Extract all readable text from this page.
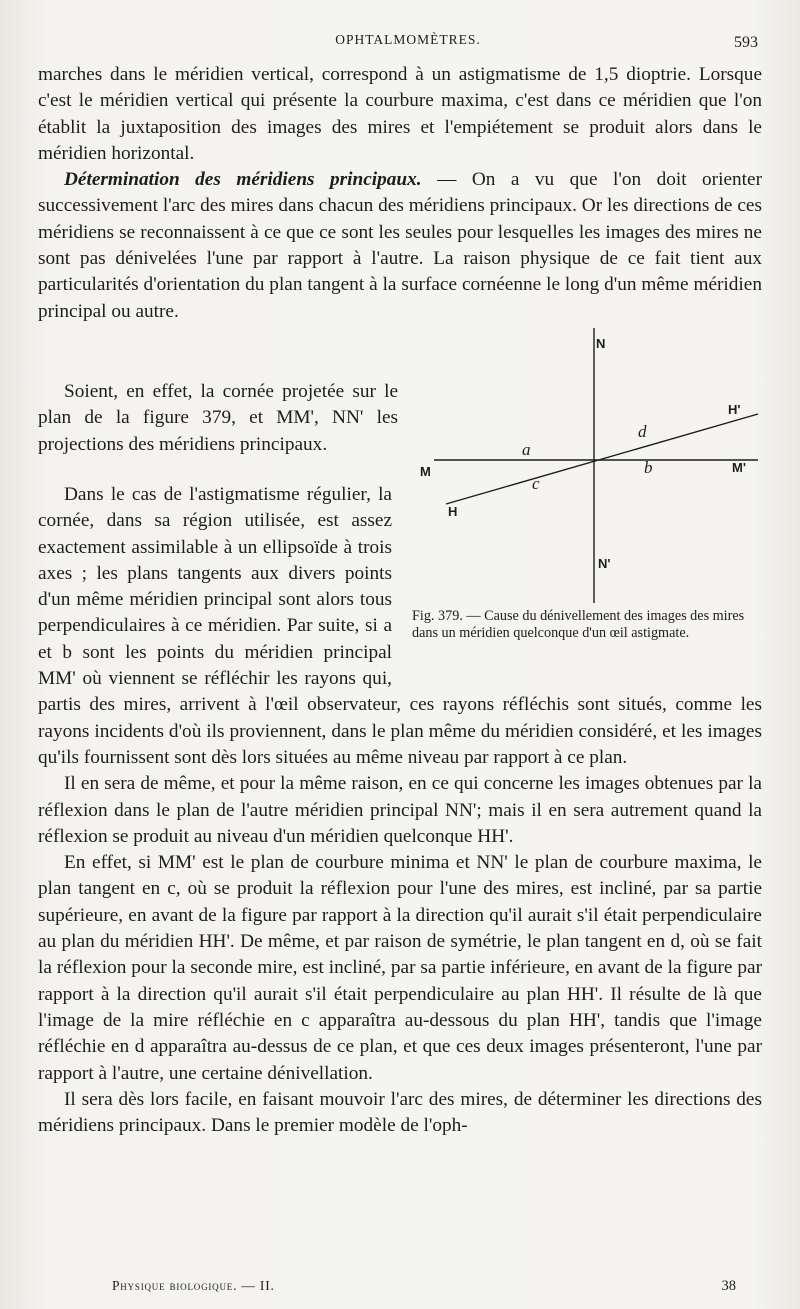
OPHTALMOMÈTRES.	593

marches dans le méridien vertical, correspond à un astigmatisme de 1,5 dioptrie. Lorsque c'est le méridien vertical qui présente la courbure maxima, c'est dans ce méridien que l'on établit la juxtaposition des images des mires et l'empiétement se produit alors dans le méridien horizontal.

Détermination des méridiens principaux. — On a vu que l'on doit orienter successivement l'arc des mires dans chacun des méridiens principaux. Or les directions de ces méridiens se reconnaissent à ce que ce sont les seules pour lesquelles les images des mires ne sont pas dénivelées l'une par rapport à l'autre. La raison physique de ce fait tient aux particularités d'orientation du plan tangent à la surface cornéenne le long d'un même méridien principal ou autre.

Soient, en effet, la cornée projetée sur le plan de la figure 379, et MM', NN' les projections des méridiens principaux.

Dans le cas de l'astigmatisme régulier, la cornée, dans sa région utilisée, est assez exactement assimilable à un ellipsoïde à trois axes ; les plans tangents aux divers points d'un même méridien principal sont alors tous perpendiculaires à ce méridien. Par suite, si a et b sont les points du méridien principal MM' où viennent se réfléchir les rayons qui, partis des mires, arrivent à l'œil observateur, ces rayons réfléchis sont situés, comme les rayons incidents d'où ils proviennent, dans le plan même du méridien considéré, et les images qu'ils fournissent sont dès lors situées au même niveau par rapport à ce plan.

Il en sera de même, et pour la même raison, en ce qui concerne les images obtenues par la réflexion dans le plan de l'autre méridien principal NN'; mais il en sera autrement quand la réflexion se produit au niveau d'un méridien quelconque HH'.

En effet, si MM' est le plan de courbure minima et NN' le plan de courbure maxima, le plan tangent en c, où se produit la réflexion pour l'une des mires, est incliné, par sa partie supérieure, en avant de la figure par rapport à la direction qu'il aurait s'il était perpendiculaire au plan du méridien HH'. De même, et par raison de symétrie, le plan tangent en d, où se fait la réflexion pour la seconde mire, est incliné, par sa partie inférieure, en avant de la figure par rapport à la direction qu'il aurait s'il était perpendiculaire au plan HH'. Il résulte de là que l'image de la mire réfléchie en c apparaîtra au-dessous du plan HH', tandis que l'image réfléchie en d apparaîtra au-dessus de ce plan, et que ces deux images présenteront, l'une par rapport à l'autre, une certaine dénivellation.

Il sera dès lors facile, en faisant mouvoir l'arc des mires, de déterminer les directions des méridiens principaux. Dans le premier modèle de l'oph-

N
N'
M	M'
H
H'
a
b
c
d
Fig. 379. — Cause du dénivellement des images des mires dans un méridien quelconque d'un œil astigmate.
Physique biologique. — II.	38
